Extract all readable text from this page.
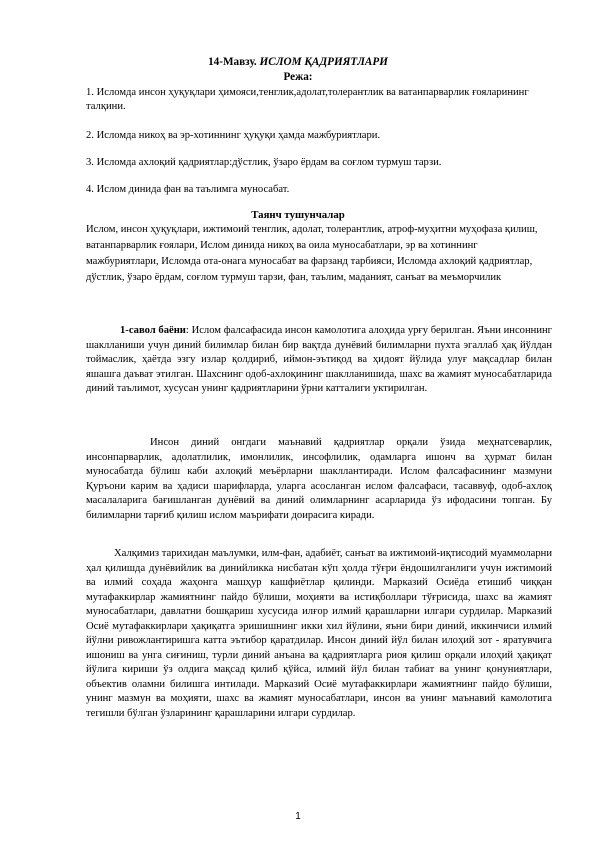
14-Мавзу. ИСЛОМ ҚАДРИЯТЛАРИ
Режа:
1. Исломда инсон ҳуқуқлари ҳимояси,тенглик,адолат,толерантлик ва ватанпарварлик ғояларининг талқини.
2. Исломда никоҳ ва эр-хотиннинг ҳуқуқи ҳамда мажбуриятлари.
3. Исломда ахлоқий қадриятлар:дўстлик, ўзаро ёрдам ва соғлом турмуш тарзи.
4. Ислом динида фан ва таълимга муносабат.
Таянч тушунчалар
Ислом, инсон ҳуқуқлари, ижтимоий тенглик, адолат, толерантлик, атроф-муҳитни муҳофаза қилиш, ватанпарварлик ғоялари, Ислом динида никоҳ ва оила муносабатлари, эр ва хотиннинг мажбуриятлари, Исломда ота-онага муносабат ва фарзанд тарбияси, Исломда ахлоқий қадриятлар, дўстлик, ўзаро ёрдам, соғлом турмуш тарзи, фан, таълим, маданият, санъат ва меъморчилик
1-савол баёни: Ислом фалсафасида инсон камолотига алоҳида урғу берилган. Яъни инсоннинг шаклланиши учун диний билимлар билан бир вақтда дунёвий билимларни пухта эгаллаб ҳақ йўлдан тоймаслик, ҳаётда эзгу излар қолдириб, иймон-эътиқод ва ҳидоят йўлида улуғ мақсадлар билан яшашга даъват этилган. Шахснинг одоб-ахлоқининг шаклланишида, шахс ва жамият муносабатларида диний таълимот, хусусан унинг қадриятларини ўрни катталиги уктирилган.
Инсон диний онгдаги маънавий қадриятлар орқали ўзида меҳнатсеварлик, инсонпарварлик, адолатлилик, имонлилик, инсофлилик, одамларга ишонч ва ҳурмат билан муносабатда бўлиш каби ахлоқий меъёрларни шакллантиради. Ислом фалсафасининг мазмуни Қуръони карим ва ҳадиси шарифларда, уларга асосланган ислом фалсафаси, тасаввуф, одоб-ахлоқ масалаларига бағишланган дунёвий ва диний олимларнинг асарларида ўз ифодасини топган. Бу билимларни тарғиб қилиш ислом маърифати доирасига киради.
Халқимиз тарихидан маълумки, илм-фан, адабиёт, санъат ва ижтимоий-иқтисодий муаммоларни ҳал қилишда дунёвийлик ва динийликка нисбатан кўп ҳолда тўғри ёндошилганлиги учун ижтимоий ва илмий соҳада жаҳонга машҳур кашфиётлар қилинди. Марказий Осиёда етишиб чиққан мутафаккирлар жамиятнинг пайдо бўлиши, моҳияти ва истиқболлари тўғрисида, шахс ва жамият муносабатлари, давлатни бошқариш хусусида илғор илмий қарашларни илгари сурдилар. Марказий Осиё мутафаккирлари ҳақиқатга эришишнинг икки хил йўлини, яъни бири диний, иккинчиси илмий йўлни ривожлантиришга катта эътибор қаратдилар. Инсон диний йўл билан илоҳий зот - яратувчига ишониш ва унга сиғиниш, турли диний анъана ва қадриятларга риоя қилиш орқали илоҳий ҳақиқат йўлига кириши ўз олдига мақсад қилиб қўйса, илмий йўл билан табиат ва унинг қонуниятлари, объектив оламни билишга интилади. Марказий Осиё мутафаккирлари жамиятнинг пайдо бўлиши, унинг мазмун ва моҳияти, шахс ва жамият муносабатлари, инсон ва унинг маънавий камолотига тегишли бўлган ўзларининг қарашларини илгари сурдилар.
1
